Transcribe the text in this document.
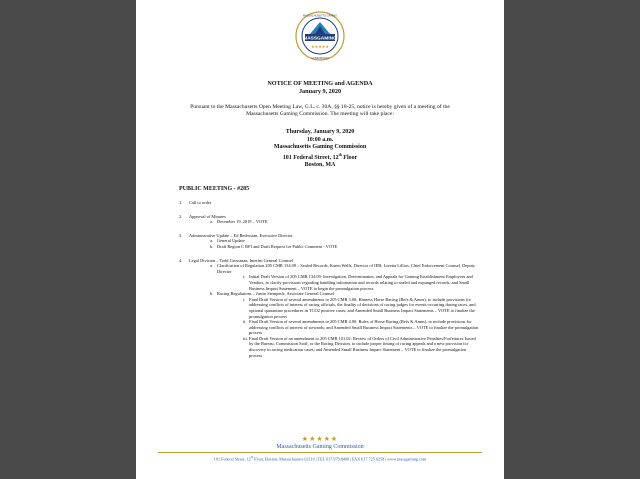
MASSGAMING
★★★★★
MASSACHUSETTS GAMING
COMMISSION
NOTICE OF MEETING and AGENDA
January 9, 2020
Pursuant to the Massachusetts Open Meeting Law, G.L. c. 30A, §§ 18-25, notice is hereby given of a meeting of the Massachusetts Gaming Commission. The meeting will take place:
Thursday, January 9, 2020
10:00 a.m.
Massachusetts Gaming Commission
101 Federal Street, 12th Floor
Boston, MA
PUBLIC MEETING - #285
1. Call to order
2. Approval of Minutes
a. December 19, 2019 – VOTE
3. Administrative Update – Ed Bedrosian, Executive Director
a. General Update
b. Draft Region C RFI and Draft Request for Public Comment - VOTE
4. Legal Division – Todd Grossman, Interim General Counsel
a. Clarification of Regulation 205 CMR 134.09 – Sealed Records, Karen Wells, Director of IEB; Loretta Lillios, Chief Enforcement Counsel, Deputy Director
i. Initial Draft Version of 205 CMR 134.09: Investigation, Determination, and Appeals for Gaming Establishment Employees and Vendors, to clarify provisions regarding handling information and records relating to sealed and expunged records; and Small Business Impact Statement – VOTE to begin the promulgation process
b. Racing Regulations – Justin Stempeck, Associate General Counsel
i. Final Draft Version of several amendments to 205 CMR 3.00: Harness Horse Racing (Refs & Amns), to include provisions for addressing conflicts of interest of racing officials, the finality of decisions of racing judges for events occurring during races, and optional quarantine procedures in TCO2 positive cases; and Amended Small Business Impact Statements – VOTE to finalize the promulgation process
ii. Final Draft Version of several amendments to 205 CMR 4.00: Rules of Horse Racing (Refs & Amns), to include provisions for addressing conflicts of interest of stewards; and Amended Small Business Impact Statements – VOTE to finalize the promulgation process
iii. Final Draft Version of an amendment to 205 CMR 101.02: Review of Orders of Civil Administrative Penalties/Forfeitures Issued by the Bureau, Commission Staff, or the Racing Division, to include proper timing of racing appeals and a new provision for discovery in racing medication cases; and Amended Small Business Impact Statement – VOTE to finalize the promulgation process
★★★★★
Massachusetts Gaming Commission
101 Federal Street, 12th Floor, Boston, Massachusetts 02110 | TEL 617.979.8400 | FAX 617.725.0258 | www.massgaming.com
